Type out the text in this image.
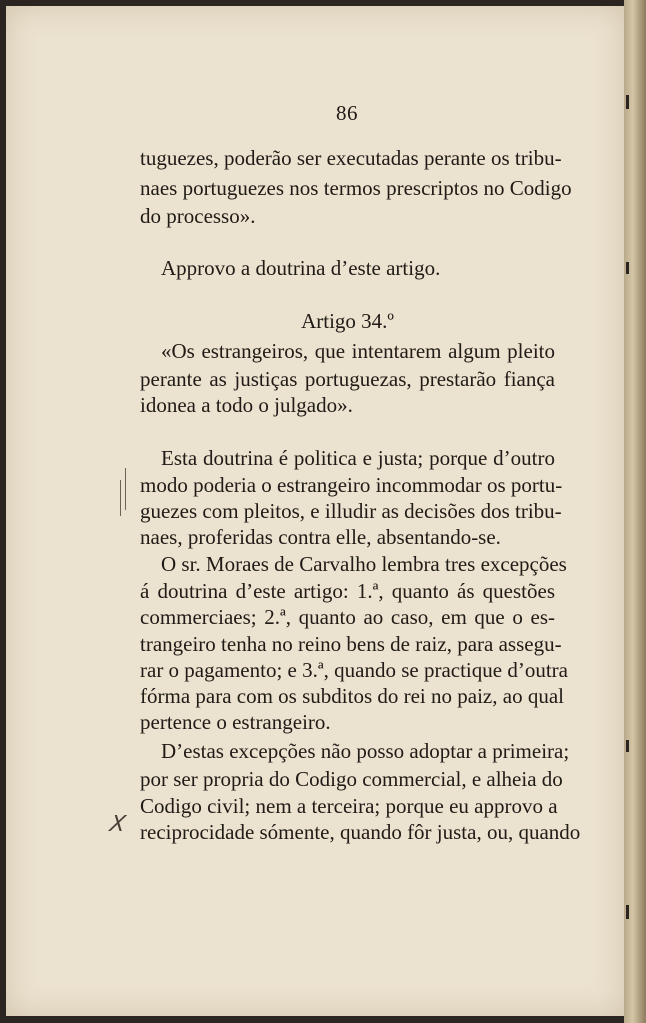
86
tuguezes, poderão ser executadas perante os tribu-
naes portuguezes nos termos prescriptos no Codigo
do processo».
Approvo a doutrina d’este artigo.
Artigo 34.º
«Os estrangeiros, que intentarem algum pleito
perante as justiças portuguezas, prestarão fiança
idonea a todo o julgado».
Esta doutrina é politica e justa; porque d’outro
modo poderia o estrangeiro incommodar os portu-
guezes com pleitos, e illudir as decisões dos tribu-
naes, proferidas contra elle, absentando-se.
O sr. Moraes de Carvalho lembra tres excepções
á doutrina d’este artigo: 1.ª, quanto ás questões
commerciaes; 2.ª, quanto ao caso, em que o es-
trangeiro tenha no reino bens de raiz, para assegu-
rar o pagamento; e 3.ª, quando se practique d’outra
fórma para com os subditos do rei no paiz, ao qual
pertence o estrangeiro.
D’estas excepções não posso adoptar a primeira;
por ser propria do Codigo commercial, e alheia do
Codigo civil; nem a terceira; porque eu approvo a
reciprocidade sómente, quando fôr justa, ou, quando
X
